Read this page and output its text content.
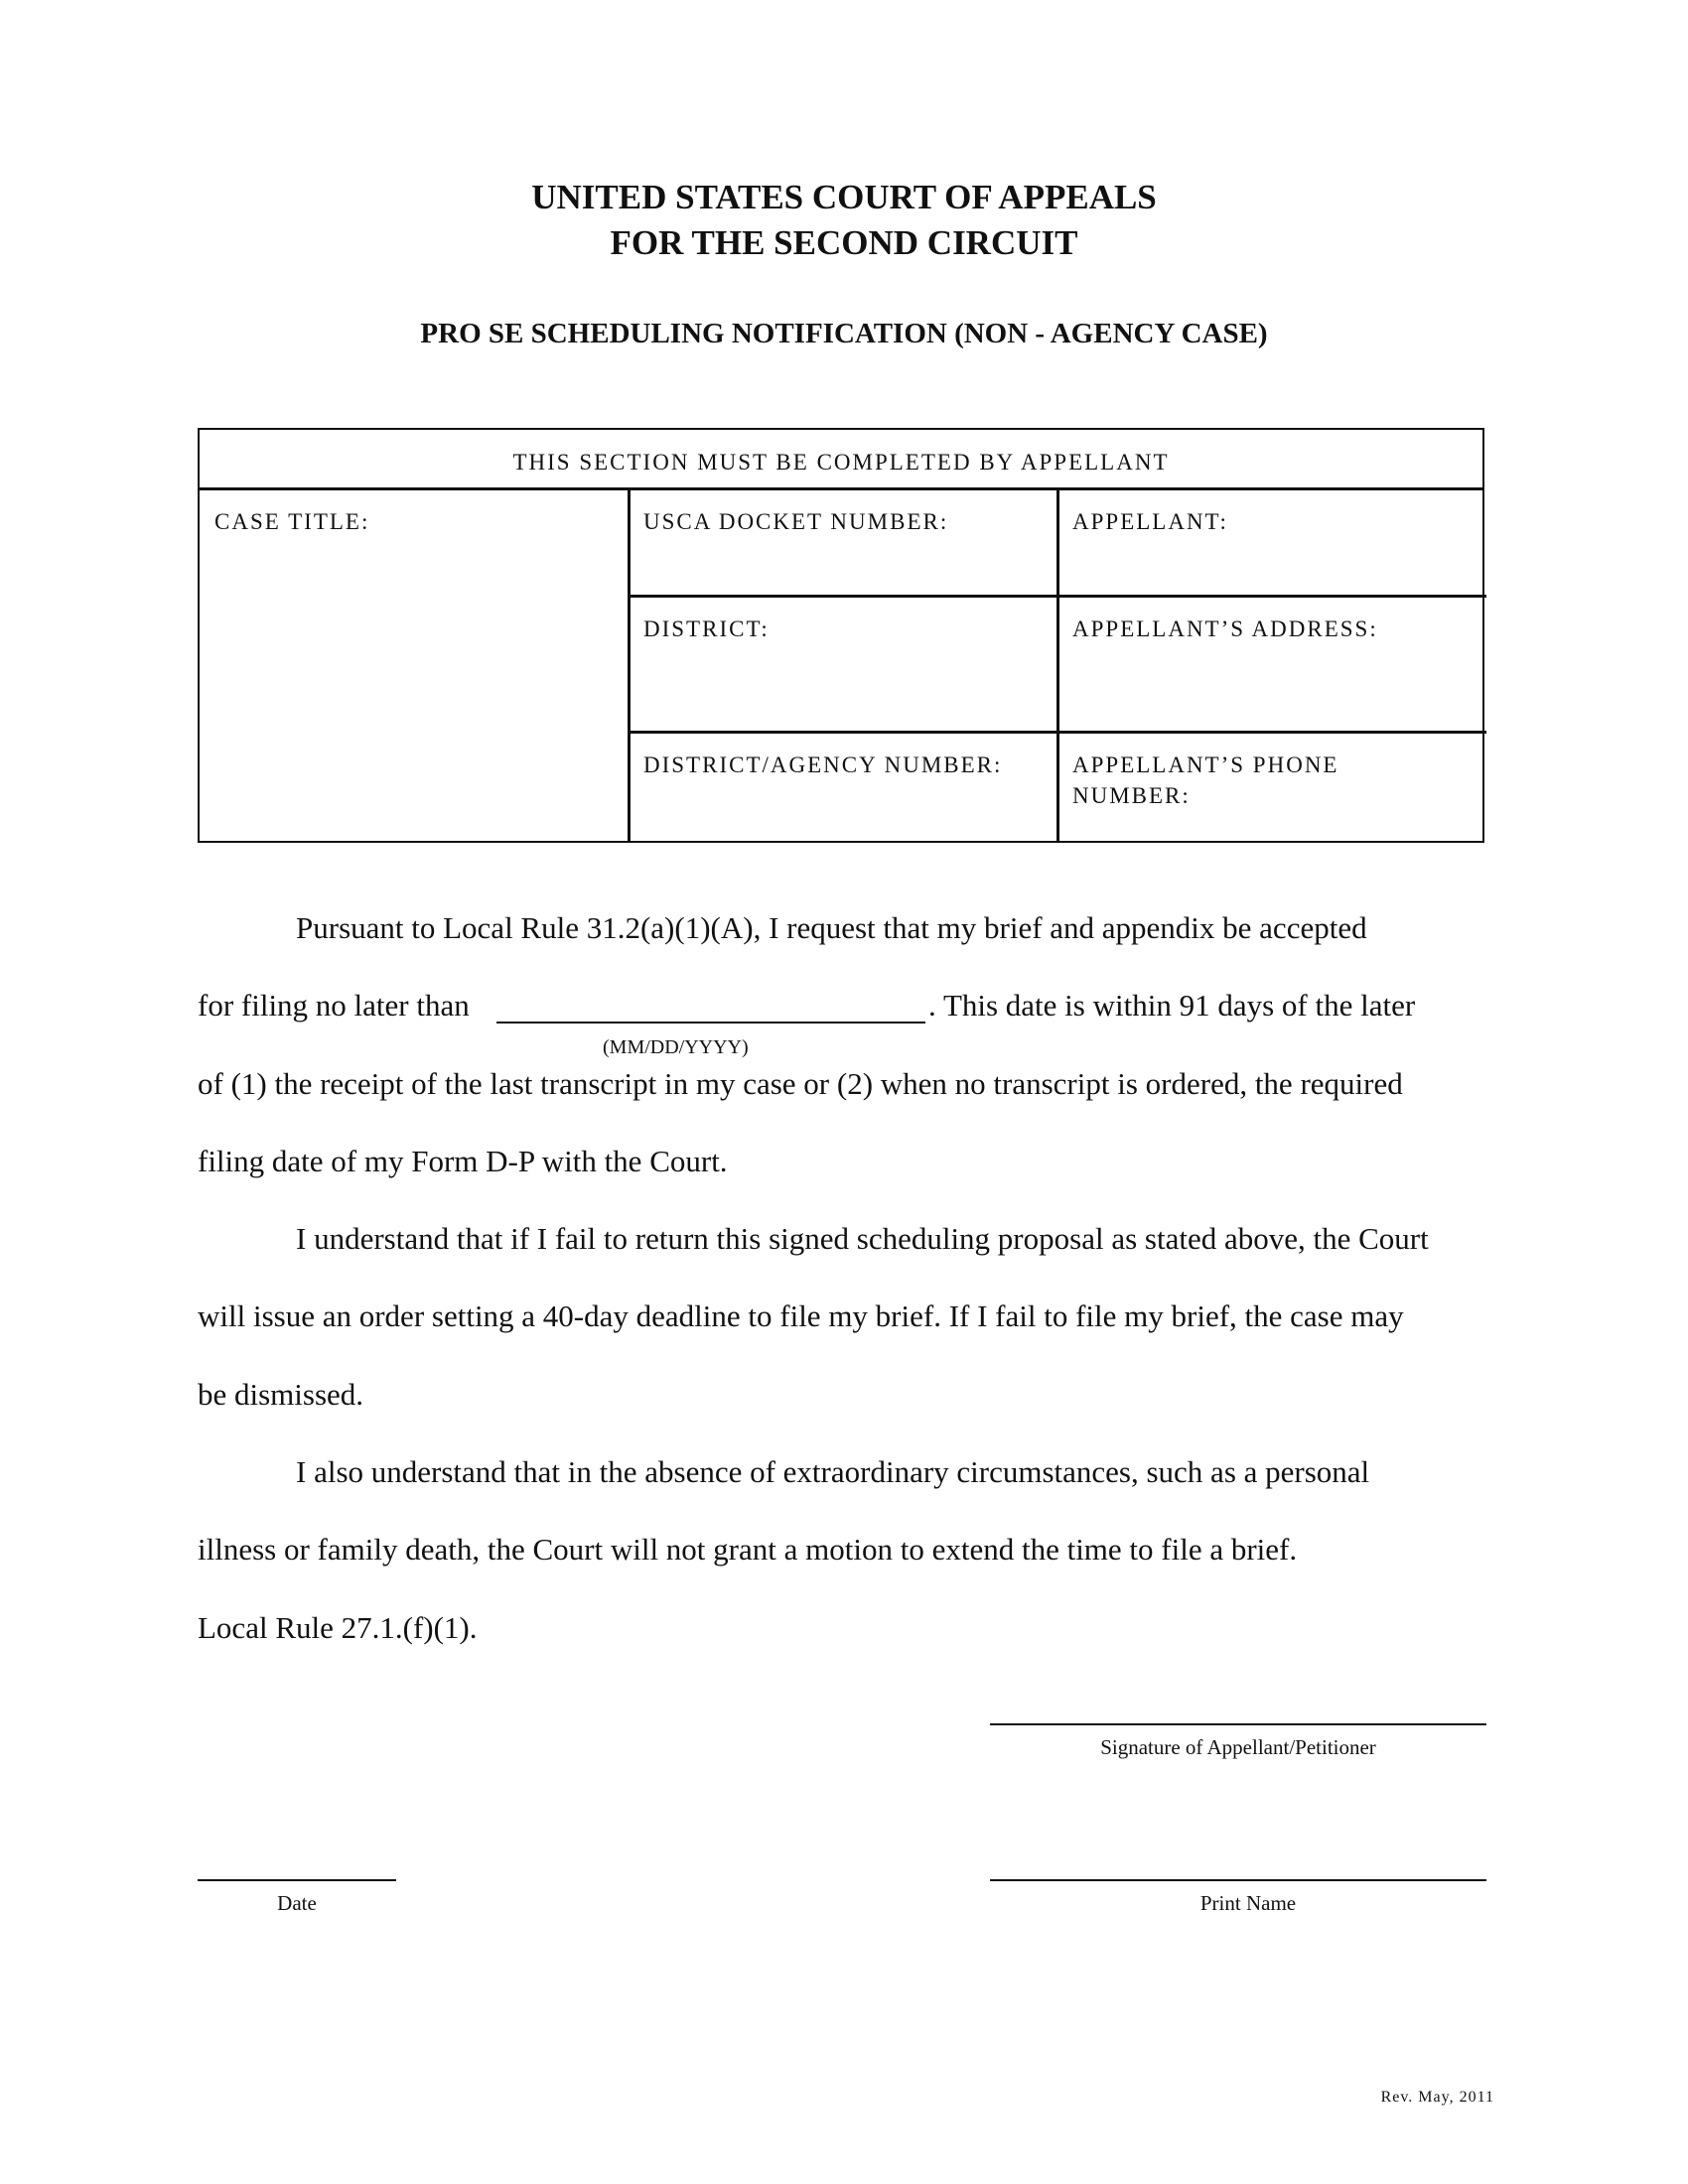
UNITED STATES COURT OF APPEALS
FOR THE SECOND CIRCUIT
PRO SE SCHEDULING NOTIFICATION (NON - AGENCY CASE)
THIS SECTION MUST BE COMPLETED BY APPELLANT
CASE TITLE:	USCA DOCKET NUMBER:	APPELLANT:
DISTRICT:	APPELLANT’S ADDRESS:
DISTRICT/AGENCY NUMBER:	APPELLANT’S PHONE
NUMBER:
Pursuant to Local Rule 31.2(a)(1)(A), I request that my brief and appendix be accepted
for filing no later than	. This date is within 91 days of the later
(MM/DD/YYYY)
of (1) the receipt of the last transcript in my case or (2) when no transcript is ordered, the required
filing date of my Form D-P with the Court.
I understand that if I fail to return this signed scheduling proposal as stated above, the Court
will issue an order setting a 40-day deadline to file my brief. If I fail to file my brief, the case may
be dismissed.
I also understand that in the absence of extraordinary circumstances, such as a personal
illness or family death, the Court will not grant a motion to extend the time to file a brief.
Local Rule 27.1.(f)(1).
Signature of Appellant/Petitioner
Date	Print Name
Rev. May, 2011
